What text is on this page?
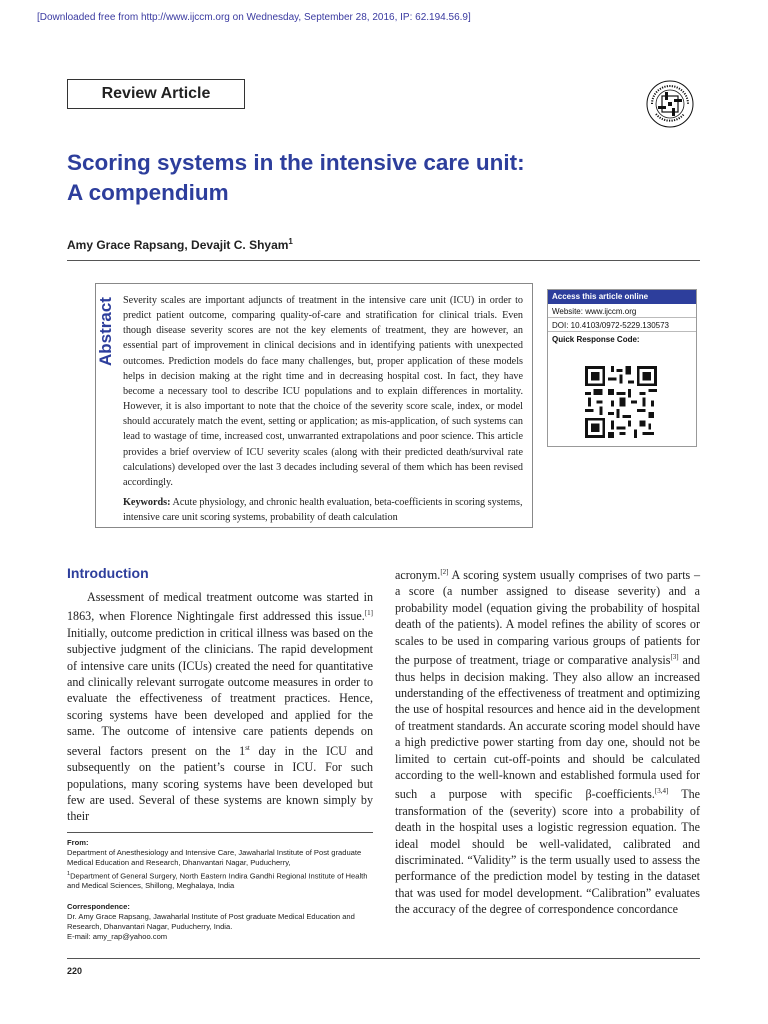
[Downloaded free from http://www.ijccm.org on Wednesday, September 28, 2016, IP: 62.194.56.9]
Review Article
Scoring systems in the intensive care unit:
A compendium
Amy Grace Rapsang, Devajit C. Shyam$^1$
Abstract Severity scales are important adjuncts of treatment in the intensive care unit (ICU) in order to predict patient outcome, comparing quality-of-care and stratification for clinical trials. Even though disease severity scores are not the key elements of treatment, they are however, an essential part of improvement in clinical decisions and in identifying patients with unexpected outcomes. Prediction models do face many challenges, but, proper application of these models helps in decision making at the right time and in decreasing hospital cost. In fact, they have become a necessary tool to describe ICU populations and to explain differences in mortality. However, it is also important to note that the choice of the severity score scale, index, or model should accurately match the event, setting or application; as mis-application, of such systems can lead to wastage of time, increased cost, unwarranted extrapolations and poor science. This article provides a brief overview of ICU severity scales (along with their predicted death/survival rate calculations) developed over the last 3 decades including several of them which has been revised accordingly.
Keywords: Acute physiology, and chronic health evaluation, beta-coefficients in scoring systems, intensive care unit scoring systems, probability of death calculation
Access this article online
Website: www.ijccm.org
DOI: 10.4103/0972-5229.130573
Quick Response Code:
Introduction
Assessment of medical treatment outcome was started in 1863, when Florence Nightingale first addressed this issue.[1] Initially, outcome prediction in critical illness was based on the subjective judgment of the clinicians. The rapid development of intensive care units (ICUs) created the need for quantitative and clinically relevant surrogate outcome measures in order to evaluate the effectiveness of treatment practices. Hence, scoring systems have been developed and applied for the same. The outcome of intensive care patients depends on several factors present on the 1st day in the ICU and subsequently on the patient’s course in ICU. For such populations, many scoring systems have been developed but few are used. Several of these systems are known simply by their
acronym.[2] A scoring system usually comprises of two parts – a score (a number assigned to disease severity) and a probability model (equation giving the probability of hospital death of the patients). A model refines the ability of scores or scales to be used in comparing various groups of patients for the purpose of treatment, triage or comparative analysis[3] and thus helps in decision making. They also allow an increased understanding of the effectiveness of treatment and optimizing the use of hospital resources and hence aid in the development of treatment standards. An accurate scoring model should have a high predictive power starting from day one, should not be limited to certain cut-off-points and should be calculated according to the well-known and established formula used for such a purpose with specific β-coefficients.[3,4] The transformation of the (severity) score into a probability of death in the hospital uses a logistic regression equation. The ideal model should be well-validated, calibrated and discriminated. “Validity” is the term usually used to assess the performance of the prediction model by testing in the dataset that was used for model development. “Calibration” evaluates the accuracy of the degree of correspondence concordance
From:
Department of Anesthesiology and Intensive Care, Jawaharlal Institute of Post graduate Medical Education and Research, Dhanvantari Nagar, Puducherry,
$^1$Department of General Surgery, North Eastern Indira Gandhi Regional Institute of Health and Medical Sciences, Shillong, Meghalaya, India
Correspondence:
Dr. Amy Grace Rapsang, Jawaharlal Institute of Post graduate Medical Education and Research, Dhanvantari Nagar, Puducherry, India.
E-mail: amy_rap@yahoo.com
220
